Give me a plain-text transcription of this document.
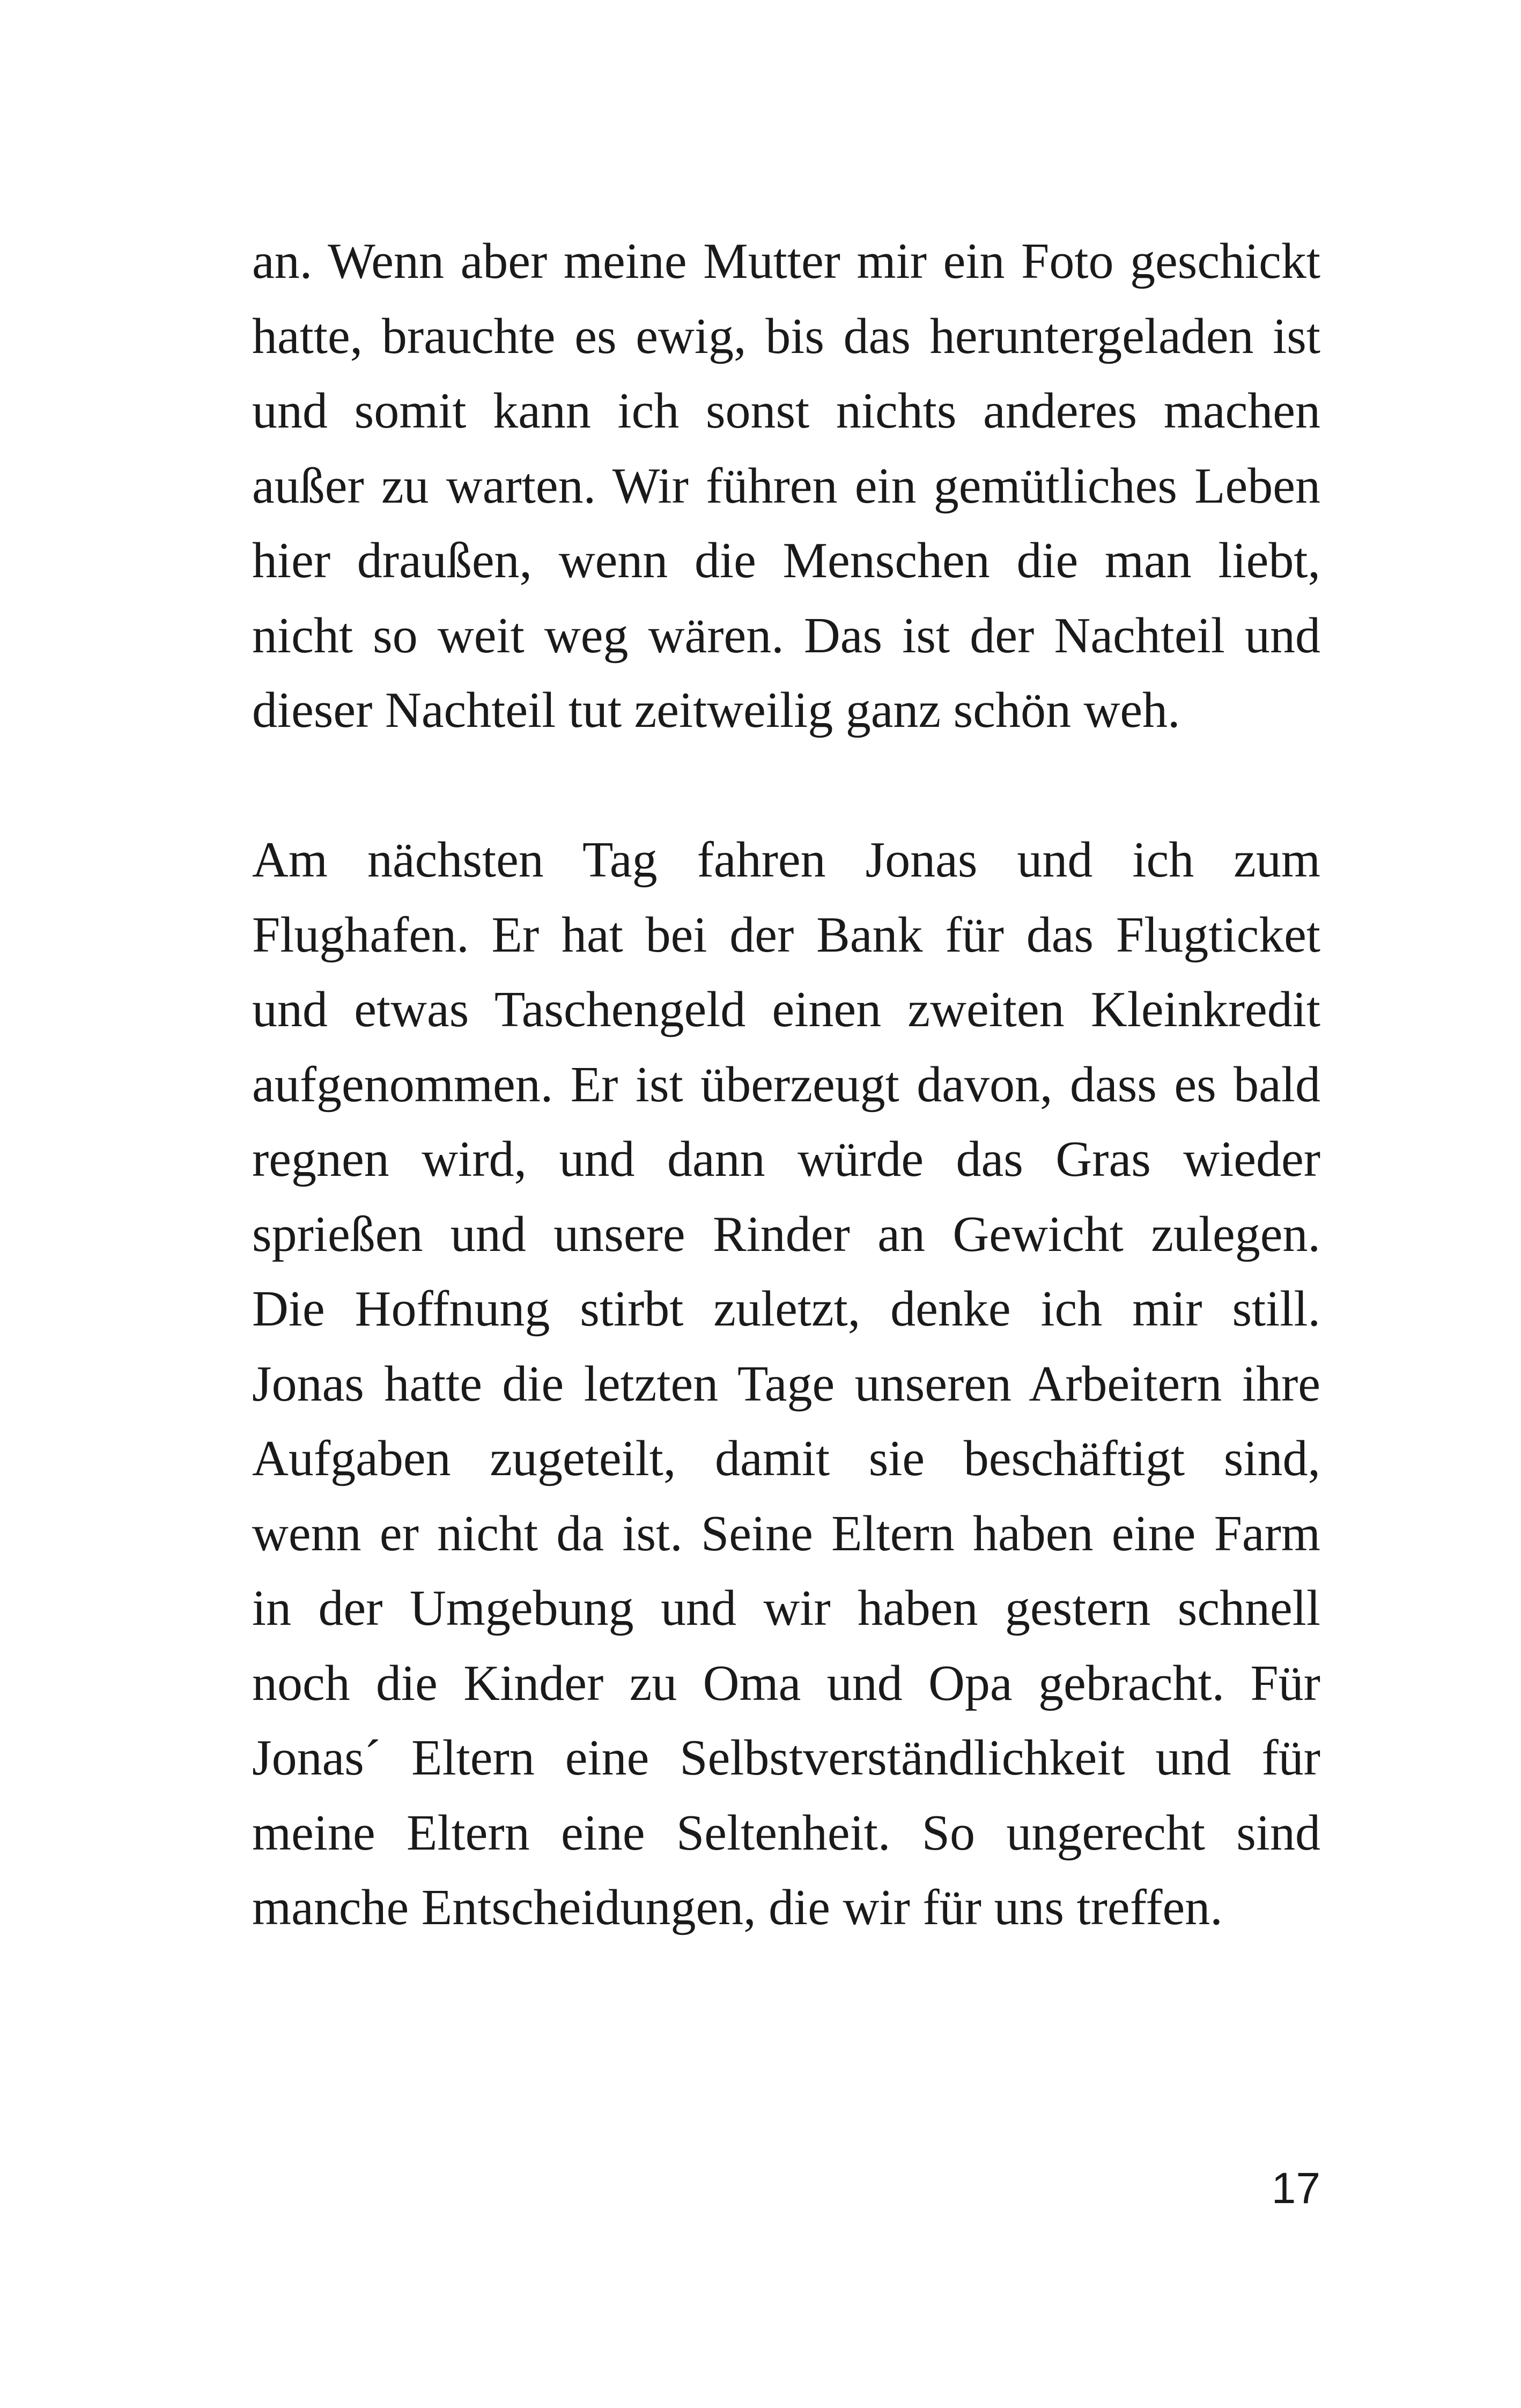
an. Wenn aber meine Mutter mir ein Foto geschickt
hatte, brauchte es ewig, bis das heruntergeladen ist
und somit kann ich sonst nichts anderes machen
außer zu warten. Wir führen ein gemütliches Leben
hier draußen, wenn die Menschen die man liebt,
nicht so weit weg wären. Das ist der Nachteil und
dieser Nachteil tut zeitweilig ganz schön weh.
Am nächsten Tag fahren Jonas und ich zum
Flughafen. Er hat bei der Bank für das Flugticket
und etwas Taschengeld einen zweiten Kleinkredit
aufgenommen. Er ist überzeugt davon, dass es bald
regnen wird, und dann würde das Gras wieder
sprießen und unsere Rinder an Gewicht zulegen.
Die Hoffnung stirbt zuletzt, denke ich mir still.
Jonas hatte die letzten Tage unseren Arbeitern ihre
Aufgaben zugeteilt, damit sie beschäftigt sind,
wenn er nicht da ist. Seine Eltern haben eine Farm
in der Umgebung und wir haben gestern schnell
noch die Kinder zu Oma und Opa gebracht. Für
Jonas´ Eltern eine Selbstverständlichkeit und für
meine Eltern eine Seltenheit. So ungerecht sind
manche Entscheidungen, die wir für uns treffen.
17
